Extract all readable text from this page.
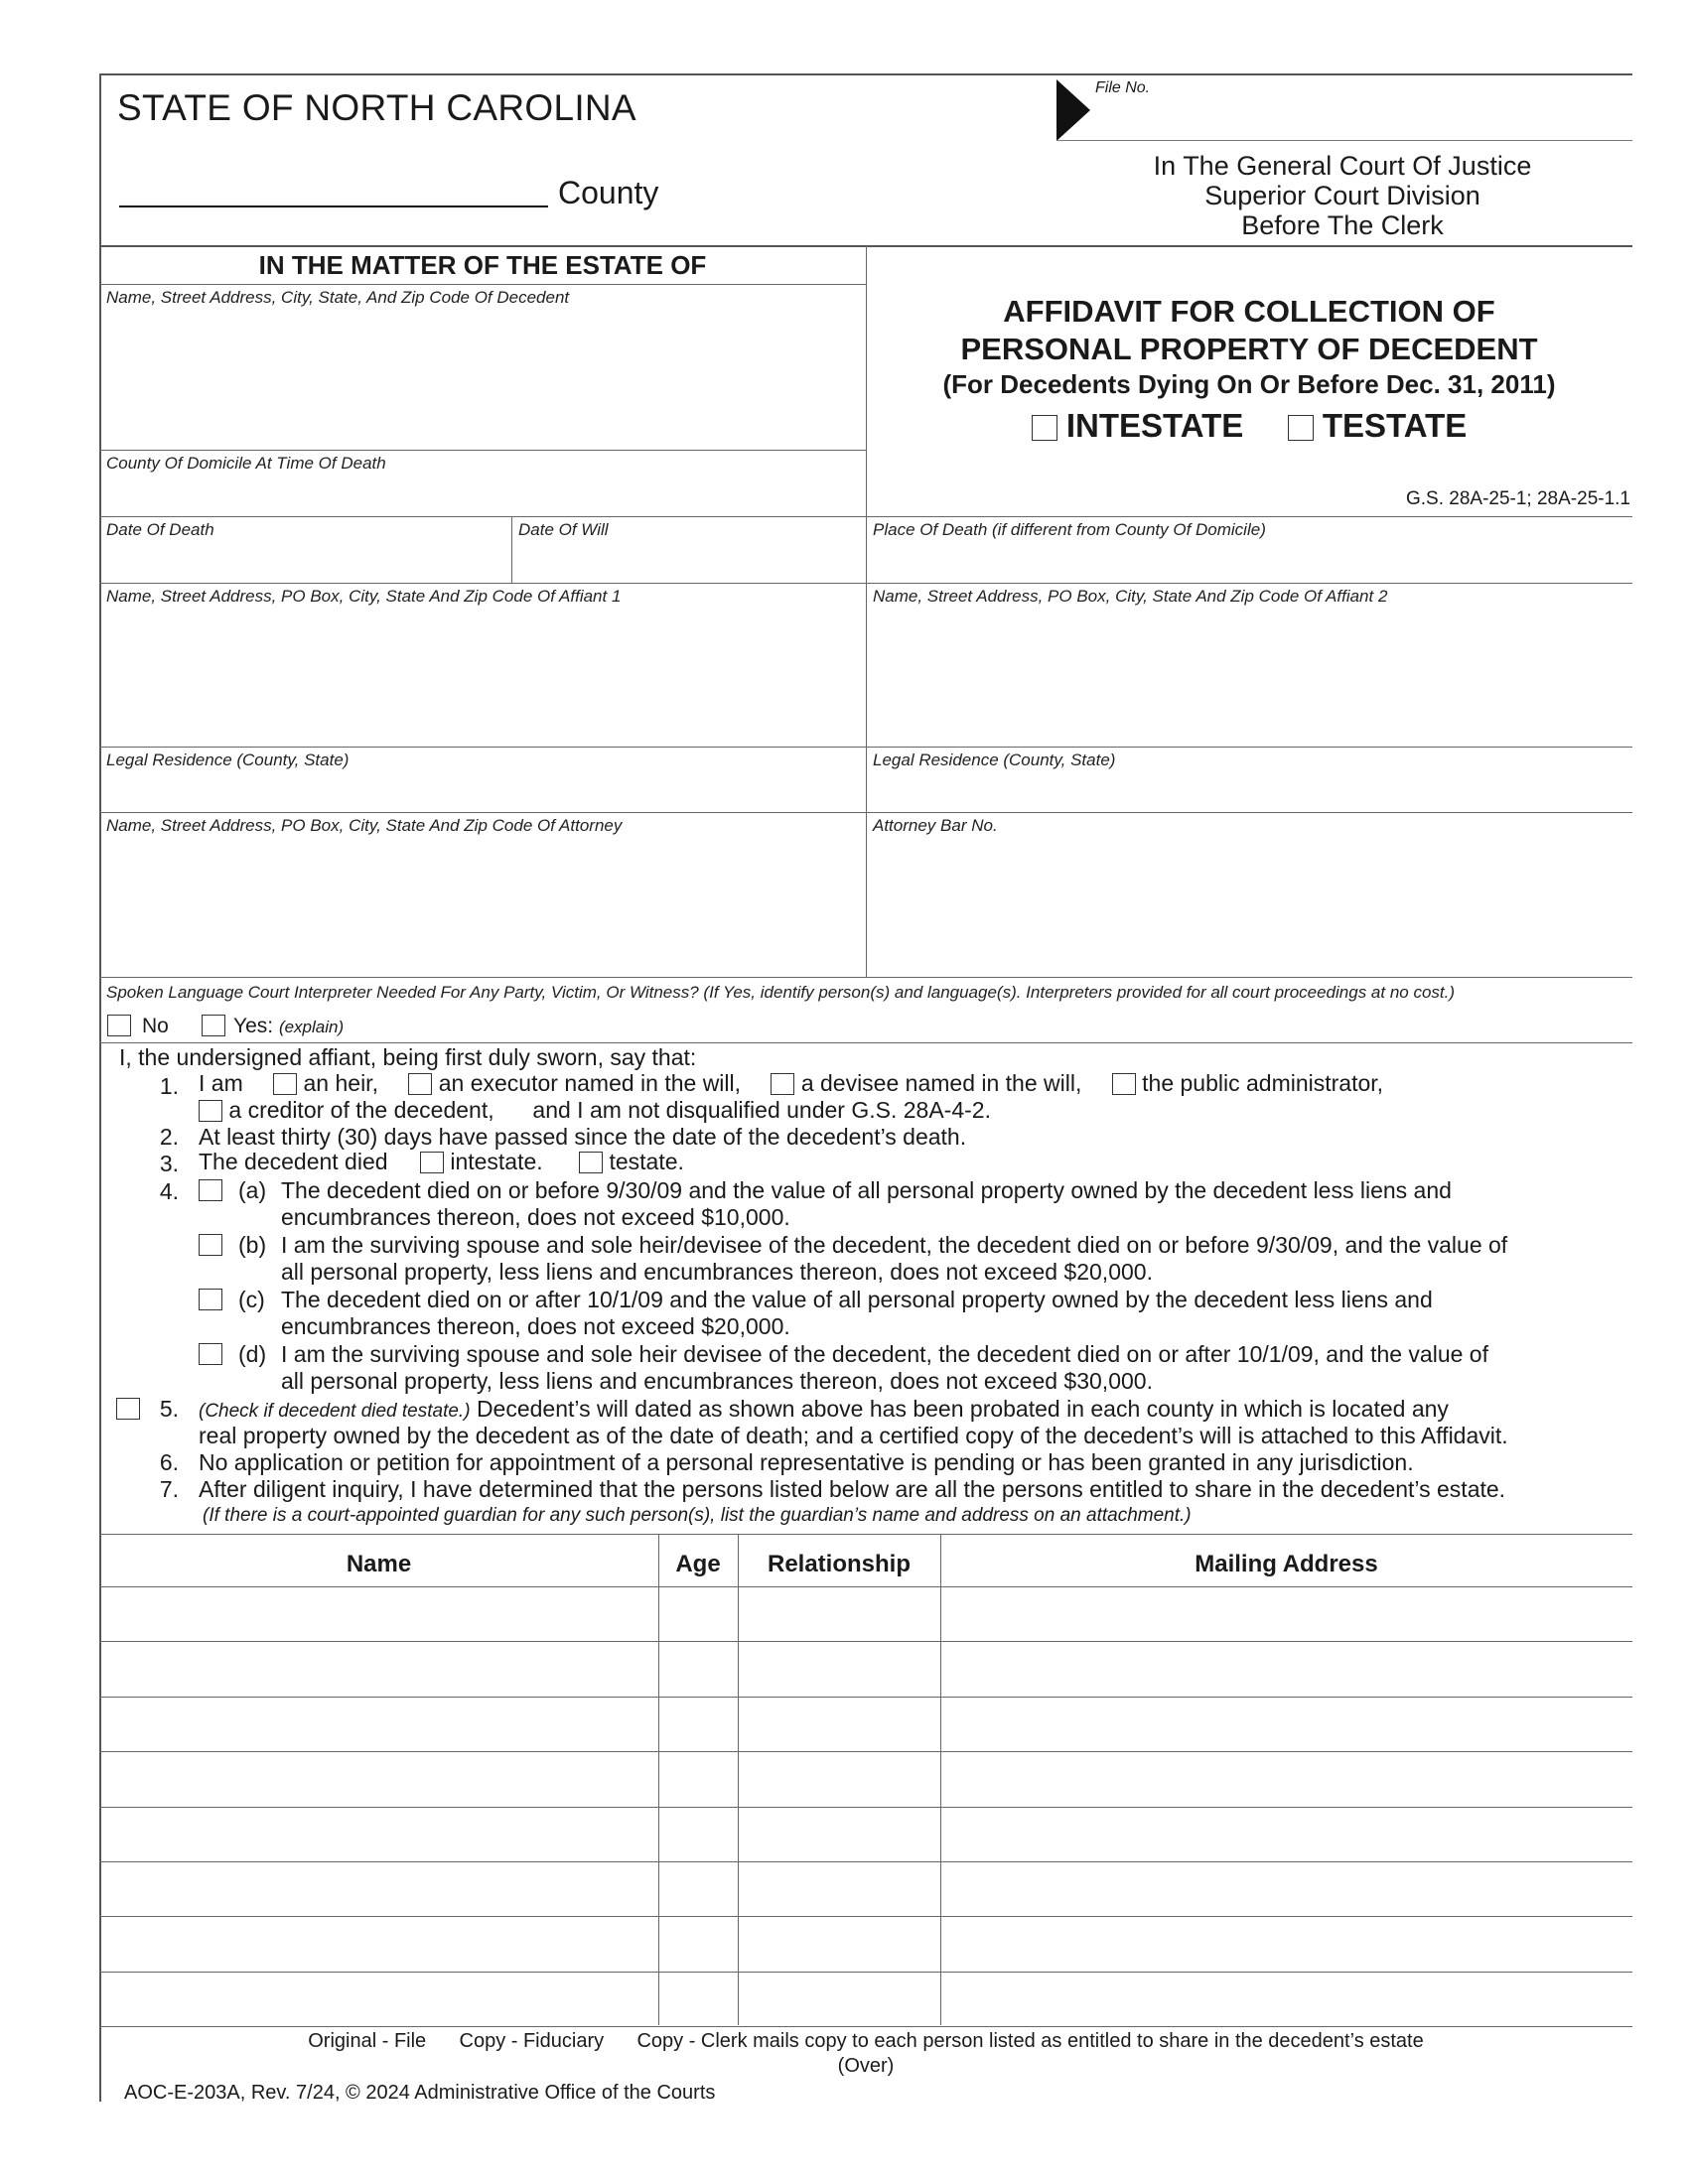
STATE OF NORTH CAROLINA
County
File No.
In The General Court Of Justice
Superior Court Division
Before The Clerk
IN THE MATTER OF THE ESTATE OF
Name, Street Address, City, State, And Zip Code Of Decedent
County Of Domicile At Time Of Death
AFFIDAVIT FOR COLLECTION OF
PERSONAL PROPERTY OF DECEDENT
(For Decedents Dying On Or Before Dec. 31, 2011)
INTESTATE TESTATE
G.S. 28A-25-1; 28A-25-1.1
Date Of Death	Date Of Will	Place Of Death (if different from County Of Domicile)
Name, Street Address, PO Box, City, State And Zip Code Of Affiant 1	Name, Street Address, PO Box, City, State And Zip Code Of Affiant 2
Legal Residence (County, State)	Legal Residence (County, State)
Name, Street Address, PO Box, City, State And Zip Code Of Attorney	Attorney Bar No.
Spoken Language Court Interpreter Needed For Any Party, Victim, Or Witness? (If Yes, identify person(s) and language(s). Interpreters provided for all court proceedings at no cost.)
No	Yes: (explain)
I, the undersigned affiant, being first duly sworn, say that:
1. I am	an heir,	an executor named in the will,	a devisee named in the will,	the public administrator,
a creditor of the decedent, and I am not disqualified under G.S. 28A-4-2.
2. At least thirty (30) days have passed since the date of the decedent’s death.
3. The decedent died	intestate.	testate.
4.	(a) The decedent died on or before 9/30/09 and the value of all personal property owned by the decedent less liens and
encumbrances thereon, does not exceed $10,000.
(b) I am the surviving spouse and sole heir/devisee of the decedent, the decedent died on or before 9/30/09, and the value of
all personal property, less liens and encumbrances thereon, does not exceed $20,000.
(c) The decedent died on or after 10/1/09 and the value of all personal property owned by the decedent less liens and
encumbrances thereon, does not exceed $20,000.
(d) I am the surviving spouse and sole heir devisee of the decedent, the decedent died on or after 10/1/09, and the value of
all personal property, less liens and encumbrances thereon, does not exceed $30,000.
5. (Check if decedent died testate.) Decedent’s will dated as shown above has been probated in each county in which is located any
real property owned by the decedent as of the date of death; and a certified copy of the decedent’s will is attached to this Affidavit.
6. No application or petition for appointment of a personal representative is pending or has been granted in any jurisdiction.
7. After diligent inquiry, I have determined that the persons listed below are all the persons entitled to share in the decedent’s estate.
(If there is a court-appointed guardian for any such person(s), list the guardian’s name and address on an attachment.)
Name	Age	Relationship	Mailing Address
Original - File      Copy - Fiduciary      Copy - Clerk mails copy to each person listed as entitled to share in the decedent’s estate
(Over)
AOC-E-203A, Rev. 7/24, © 2024 Administrative Office of the Courts
